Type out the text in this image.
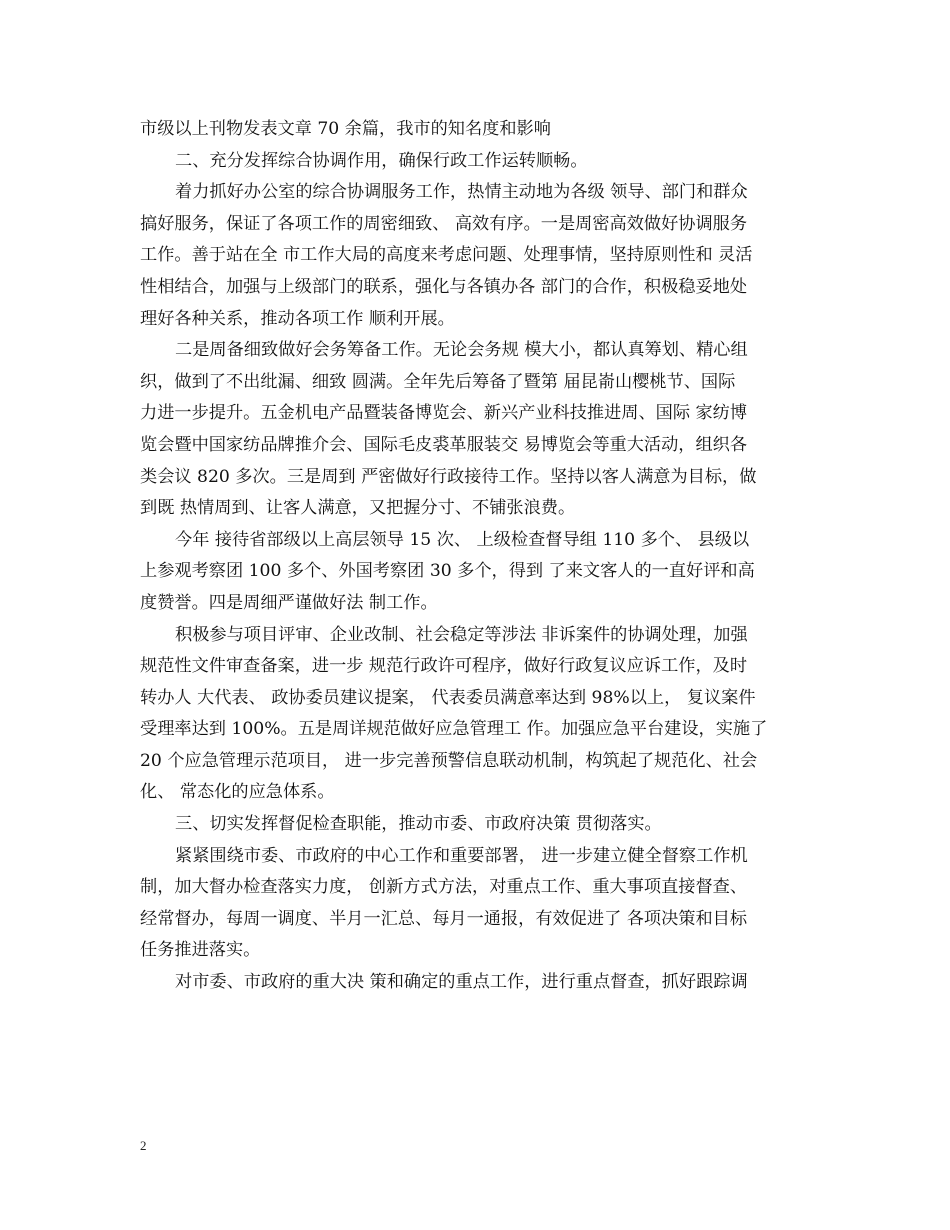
市级以上刊物发表文章 70 余篇，我市的知名度和影响
二、充分发挥综合协调作用，确保行政工作运转顺畅。
着力抓好办公室的综合协调服务工作，热情主动地为各级 领导、部门和群众
搞好服务，保证了各项工作的周密细致、 高效有序。一是周密高效做好协调服务
工作。善于站在全 市工作大局的高度来考虑问题、处理事情，坚持原则性和 灵活
性相结合，加强与上级部门的联系，强化与各镇办各 部门的合作，积极稳妥地处
理好各种关系，推动各项工作 顺利开展。
二是周备细致做好会务筹备工作。无论会务规 模大小，都认真筹划、精心组
织，做到了不出纰漏、细致 圆满。全年先后筹备了暨第 届昆嵛山樱桃节、国际
力进一步提升。五金机电产品暨装备博览会、新兴产业科技推进周、国际 家纺博
览会暨中国家纺品牌推介会、国际毛皮裘革服装交 易博览会等重大活动，组织各
类会议 820 多次。三是周到 严密做好行政接待工作。坚持以客人满意为目标，做
到既 热情周到、让客人满意，又把握分寸、不铺张浪费。
今年 接待省部级以上高层领导 15 次、 上级检查督导组 110 多个、 县级以
上参观考察团 100 多个、外国考察团 30 多个，得到 了来文客人的一直好评和高
度赞誉。四是周细严谨做好法 制工作。
积极参与项目评审、企业改制、社会稳定等涉法 非诉案件的协调处理，加强
规范性文件审查备案，进一步 规范行政许可程序，做好行政复议应诉工作，及时
转办人 大代表、 政协委员建议提案， 代表委员满意率达到 98%以上， 复议案件
受理率达到 100%。五是周详规范做好应急管理工 作。加强应急平台建设，实施了
20 个应急管理示范项目， 进一步完善预警信息联动机制，构筑起了规范化、社会
化、 常态化的应急体系。
三、切实发挥督促检查职能，推动市委、市政府决策 贯彻落实。
紧紧围绕市委、市政府的中心工作和重要部署， 进一步建立健全督察工作机
制，加大督办检查落实力度， 创新方式方法，对重点工作、重大事项直接督查、
经常督办，每周一调度、半月一汇总、每月一通报，有效促进了 各项决策和目标
任务推进落实。
对市委、市政府的重大决 策和确定的重点工作，进行重点督查，抓好跟踪调
2
